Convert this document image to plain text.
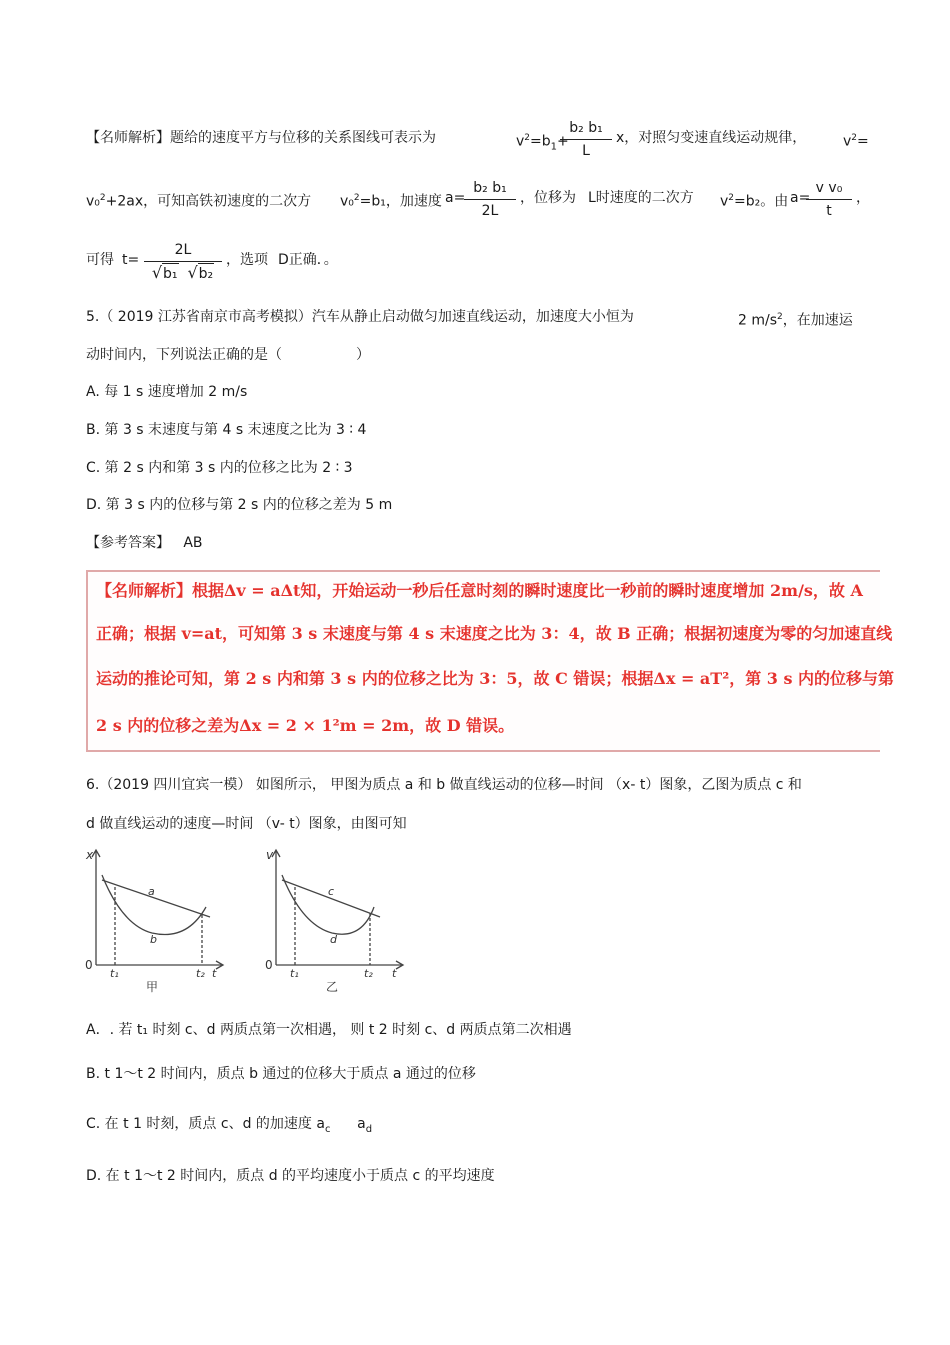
【名师解析】题给的速度平方与位移的关系图线可表示为	$v^2=b_1+$
b₂ b₁
L
x，对照匀变速直线运动规律，	$v^2=$
v₀$^2$+2ax，可知高铁初速度的二次方 v₀$^2$=b₁，加速度 a=
b₂ b₁
2L
，位移为 L时速度的二次方 $v^2=b_2$。由 a=
v v₀
t
，
可得 t=
2L
√b₁ √b₂
，选项 D正确．。
5.（ 2019 江苏省南京市高考模拟）汽车从静止启动做匀加速直线运动，加速度大小恒为	2 $m/s^2$，在加速运
动时间内，下列说法正确的是（	）
A. 每 1 s 速度增加 2 m/s
B. 第 3 s 末速度与第 4 s 末速度之比为 3 ∶ 4
C. 第 2 s 内和第 3 s 内的位移之比为 2 ∶ 3
D. 第 3 s 内的位移与第 2 s 内的位移之差为 5 m
【参考答案】 AB
【名师解析】根据Δv = aΔt知，开始运动一秒后任意时刻的瞬时速度比一秒前的瞬时速度增加 2m/s，故 A
正确；根据 v=at，可知第 3 s 末速度与第 4 s 末速度之比为 3：4，故 B 正确；根据初速度为零的匀加速直线
运动的推论可知，第 2 s 内和第 3 s 内的位移之比为 3：5，故 C 错误；根据Δx = aT²，第 3 s 内的位移与第
2 s 内的位移之差为Δx = 2 × 1²m = 2m，故 D 错误。
6.（2019 四川宜宾一模） 如图所示， 甲图为质点 a 和 b 做直线运动的位移—时间 （x- t）图象，乙图为质点 c 和
d 做直线运动的速度—时间 （v- t）图象，由图可知
x
0
t₁	t₂ t
a
b
甲
v
0
t₁	t₂ t
c
d
乙
A．. 若 t₁ 时刻 c、d 两质点第一次相遇， 则 t 2 时刻 c、d 两质点第二次相遇
B. t 1～t 2 时间内，质点 b 通过的位移大于质点 a 通过的位移
C. 在 t 1 时刻，质点 c、d 的加速度 $a_c$ $a_d$
D. 在 t 1～t 2 时间内，质点 d 的平均速度小于质点 c 的平均速度
